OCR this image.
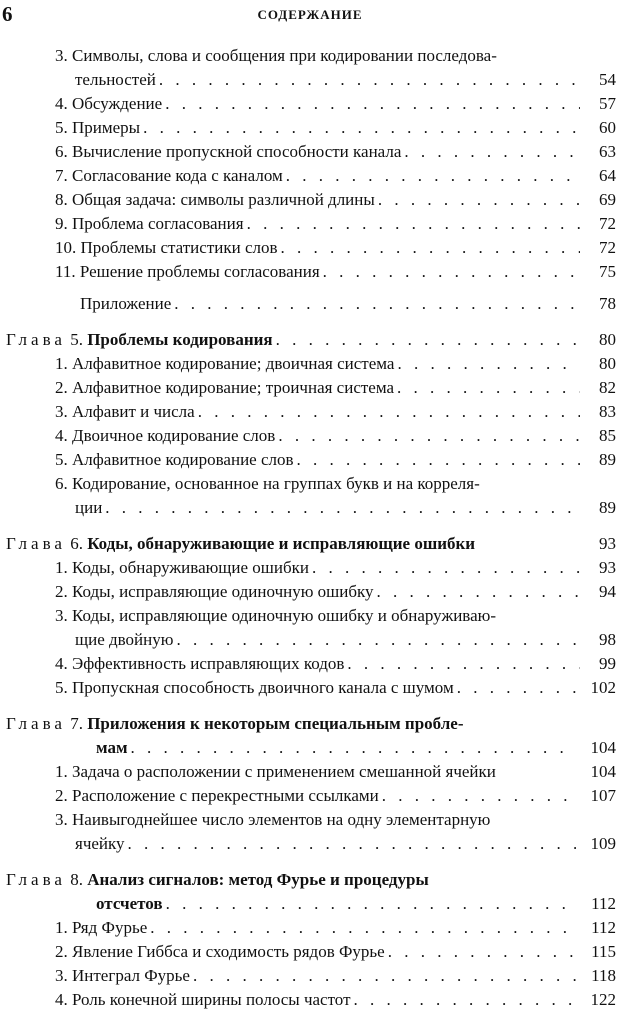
6	СОДЕРЖАНИЕ
3. Символы, слова и сообщения при кодировании последова-
тельностей . . .	54
4. Обсуждение . . .	57
5. Примеры . . .	60
6. Вычисление пропускной способности канала . . .	63
7. Согласование кода с каналом . . .	64
8. Общая задача: символы различной длины . . .	69
9. Проблема согласования . . .	72
10. Проблемы статистики слов . . .	72
11. Решение проблемы согласования . . .	75
Приложение . . .	78
Глава 5. Проблемы кодирования . . .	80
1. Алфавитное кодирование; двоичная система . . .	80
2. Алфавитное кодирование; троичная система . . .	82
3. Алфавит и числа . . .	83
4. Двоичное кодирование слов . . .	85
5. Алфавитное кодирование слов . . .	89
6. Кодирование, основанное на группах букв и на корреля-
ции . . .	89
Глава 6. Коды, обнаруживающие и исправляющие ошибки	93
1. Коды, обнаруживающие ошибки . . .	93
2. Коды, исправляющие одиночную ошибку . . .	94
3. Коды, исправляющие одиночную ошибку и обнаруживаю-
щие двойную . . .	98
4. Эффективность исправляющих кодов . . .	99
5. Пропускная способность двоичного канала с шумом . . .	102
Глава 7. Приложения к некоторым специальным пробле-
мам . . .	104
1. Задача о расположении с применением смешанной ячейки	104
2. Расположение с перекрестными ссылками . . .	107
3. Наивыгоднейшее число элементов на одну элементарную
ячейку . . .	109
Глава 8. Анализ сигналов: метод Фурье и процедуры
отсчетов . . .	112
1. Ряд Фурье . . .	112
2. Явление Гиббса и сходимость рядов Фурье . . .	115
3. Интеграл Фурье . . .	118
4. Роль конечной ширины полосы частот . . .	122
